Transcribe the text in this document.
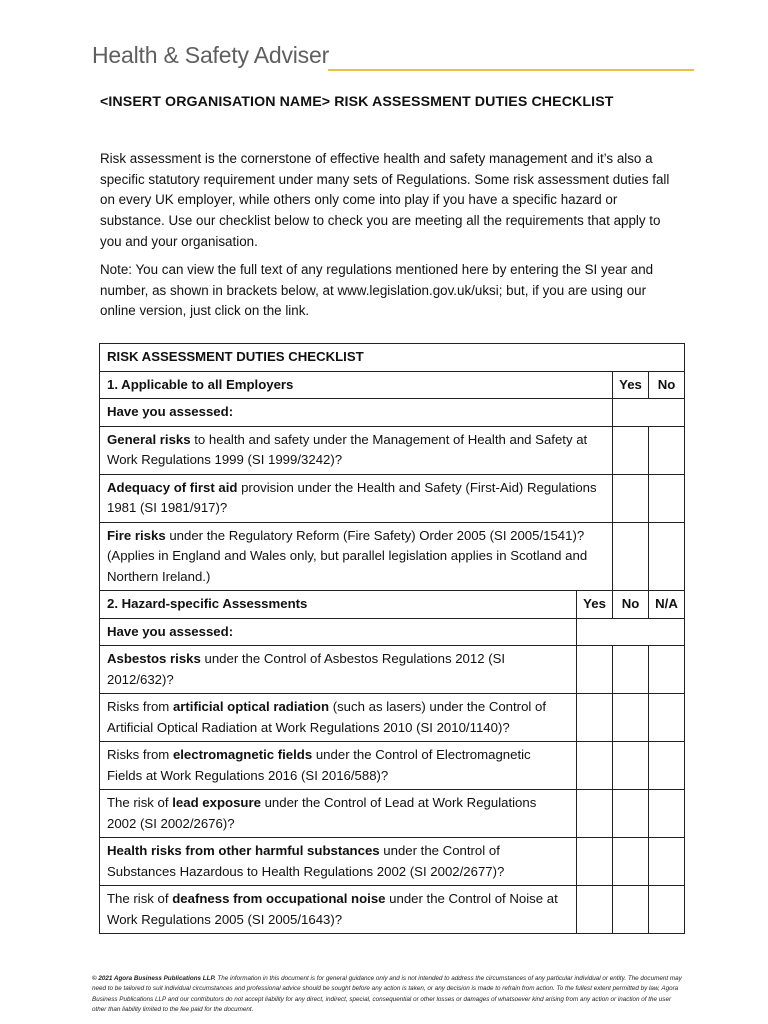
Health & Safety Adviser
<INSERT ORGANISATION NAME> RISK ASSESSMENT DUTIES CHECKLIST

Risk assessment is the cornerstone of effective health and safety management and it’s also a specific statutory requirement under many sets of Regulations. Some risk assessment duties fall on every UK employer, while others only come into play if you have a specific hazard or substance. Use our checklist below to check you are meeting all the requirements that apply to you and your organisation.

Note: You can view the full text of any regulations mentioned here by entering the SI year and number, as shown in brackets below, at www.legislation.gov.uk/uksi; but, if you are using our online version, just click on the link.

RISK ASSESSMENT DUTIES CHECKLIST			
1. Applicable to all Employers		Yes	No
Have you assessed:			
General risks to health and safety under the Management of Health and Safety at Work Regulations 1999 (SI 1999/3242)?			
Adequacy of first aid provision under the Health and Safety (First-Aid) Regulations 1981 (SI 1981/917)?			
Fire risks under the Regulatory Reform (Fire Safety) Order 2005 (SI 2005/1541)? (Applies in England and Wales only, but parallel legislation applies in Scotland and Northern Ireland.)			
2. Hazard-specific Assessments	Yes	No	N/A
Have you assessed:			
Asbestos risks under the Control of Asbestos Regulations 2012 (SI 2012/632)?			
Risks from artificial optical radiation (such as lasers) under the Control of Artificial Optical Radiation at Work Regulations 2010 (SI 2010/1140)?			
Risks from electromagnetic fields under the Control of Electromagnetic Fields at Work Regulations 2016 (SI 2016/588)?			
The risk of lead exposure under the Control of Lead at Work Regulations 2002 (SI 2002/2676)?			
Health risks from other harmful substances under the Control of Substances Hazardous to Health Regulations 2002 (SI 2002/2677)?			
The risk of deafness from occupational noise under the Control of Noise at Work Regulations 2005 (SI 2005/1643)?			
© 2021 Agora Business Publications LLP. The information in this document is for general guidance only and is not intended to address the circumstances of any particular individual or entity. The document may need to be tailored to suit individual circumstances and professional advice should be sought before any action is taken, or any decision is made to refrain from action. To the fullest extent permitted by law, Agora Business Publications LLP and our contributors do not accept liability for any direct, indirect, special, consequential or other losses or damages of whatsoever kind arising from any action or inaction of the user other than liability limited to the fee paid for the document.
